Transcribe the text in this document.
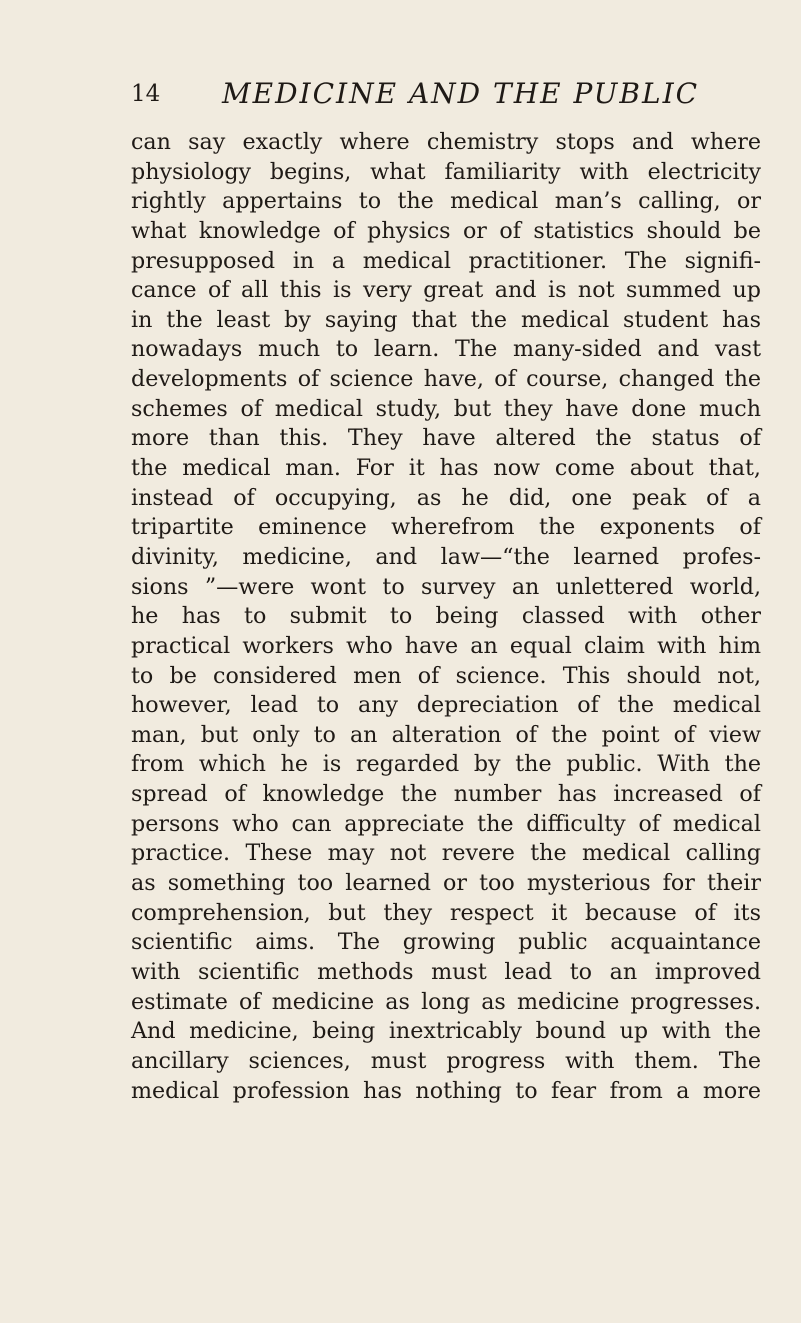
14 MEDICINE AND THE PUBLIC
can say exactly where chemistry stops and where
physiology begins, what familiarity with electricity
rightly appertains to the medical man’s calling, or
what knowledge of physics or of statistics should be
presupposed in a medical practitioner. The signifi-
cance of all this is very great and is not summed up
in the least by saying that the medical student has
nowadays much to learn. The many-sided and vast
developments of science have, of course, changed the
schemes of medical study, but they have done much
more than this. They have altered the status of
the medical man. For it has now come about that,
instead of occupying, as he did, one peak of a
tripartite eminence wherefrom the exponents of
divinity, medicine, and law—“the learned profes-
sions ”—were wont to survey an unlettered world,
he has to submit to being classed with other
practical workers who have an equal claim with him
to be considered men of science. This should not,
however, lead to any depreciation of the medical
man, but only to an alteration of the point of view
from which he is regarded by the public. With the
spread of knowledge the number has increased of
persons who can appreciate the difficulty of medical
practice. These may not revere the medical calling
as something too learned or too mysterious for their
comprehension, but they respect it because of its
scientific aims. The growing public acquaintance
with scientific methods must lead to an improved
estimate of medicine as long as medicine progresses.
And medicine, being inextricably bound up with the
ancillary sciences, must progress with them. The
medical profession has nothing to fear from a more
